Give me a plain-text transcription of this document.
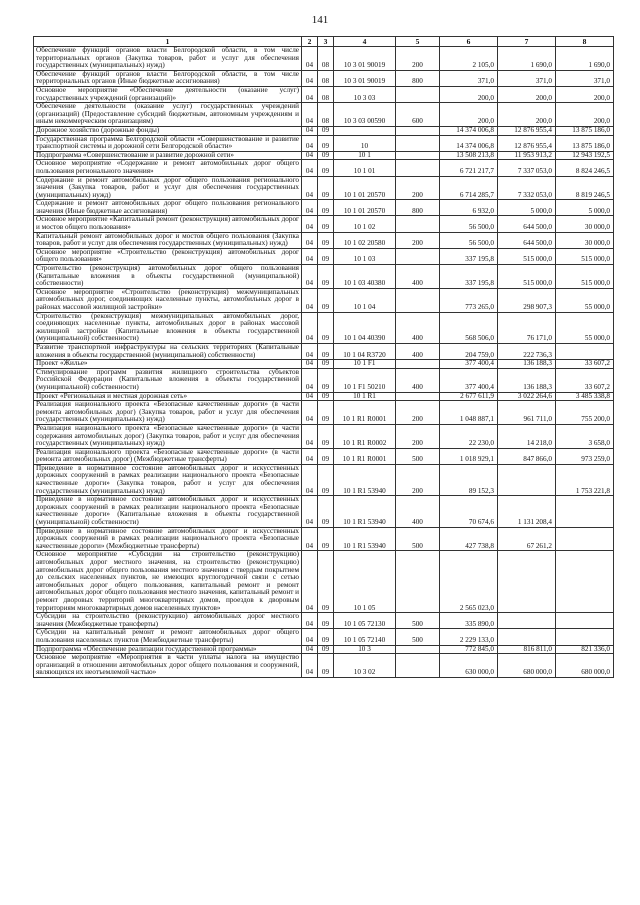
141
1	2	3	4	5	6	7	8
Обеспечение функций органов власти Белгородской области, в том числе территориальных органов (Закупка товаров, работ и услуг для обеспечения государственных (муниципальных) нужд)	04	08	10 3 01 90019	200	2 105,0	1 690,0	1 690,0
Обеспечение функций органов власти Белгородской области, в том числе территориальных органов (Иные бюджетные ассигнования)	04	08	10 3 01 90019	800	371,0	371,0	371,0
Основное мероприятие «Обеспечение деятельности (оказание услуг) государственных учреждений (организаций)»	04	08	10 3 03		200,0	200,0	200,0
Обеспечение деятельности (оказание услуг) государственных учреждений (организаций) (Предоставление субсидий бюджетным, автономным учреждениям и иным некоммерческим организациям)	04	08	10 3 03 00590	600	200,0	200,0	200,0
Дорожное хозяйство (дорожные фонды)	04	09			14 374 006,8	12 876 955,4	13 875 186,0
Государственная программа Белгородской области «Совершенствование и развитие транспортной системы и дорожной сети Белгородской области»	04	09	10		14 374 006,8	12 876 955,4	13 875 186,0
Подпрограмма «Совершенствование и развитие дорожной сети»	04	09	10 1		13 508 213,8	11 953 913,2	12 943 192,5
Основное мероприятие «Содержание и ремонт автомобильных дорог общего пользования регионального значения»	04	09	10 1 01		6 721 217,7	7 337 053,0	8 824 246,5
Содержание и ремонт автомобильных дорог общего пользования регионального значения (Закупка товаров, работ и услуг для обеспечения государственных (муниципальных) нужд)	04	09	10 1 01 20570	200	6 714 285,7	7 332 053,0	8 819 246,5
Содержание и ремонт автомобильных дорог общего пользования регионального значения (Иные бюджетные ассигнования)	04	09	10 1 01 20570	800	6 932,0	5 000,0	5 000,0
Основное мероприятие «Капитальный ремонт (реконструкция) автомобильных дорог и мостов общего пользования»	04	09	10 1 02		56 500,0	644 500,0	30 000,0
Капитальный ремонт автомобильных дорог и мостов общего пользования (Закупка товаров, работ и услуг для обеспечения государственных (муниципальных) нужд)	04	09	10 1 02 20580	200	56 500,0	644 500,0	30 000,0
Основное мероприятие «Строительство (реконструкция) автомобильных дорог общего пользования»	04	09	10 1 03		337 195,8	515 000,0	515 000,0
Строительство (реконструкция) автомобильных дорог общего пользования (Капитальные вложения в объекты государственной (муниципальной) собственности)	04	09	10 1 03 40380	400	337 195,8	515 000,0	515 000,0
Основное мероприятие «Строительство (реконструкция) межмуниципальных автомобильных дорог, соединяющих населенные пункты, автомобильных дорог в районах массовой жилищной застройки»	04	09	10 1 04		773 265,0	298 907,3	55 000,0
Строительство (реконструкция) межмуниципальных автомобильных дорог, соединяющих населенные пункты, автомобильных дорог в районах массовой жилищной застройки (Капитальные вложения в объекты государственной (муниципальной) собственности)	04	09	10 1 04 40390	400	568 506,0	76 171,0	55 000,0
Развитие транспортной инфраструктуры на сельских территориях (Капитальные вложения в объекты государственной (муниципальной) собственности)	04	09	10 1 04 R3720	400	204 759,0	222 736,3	
Проект «Жилье»	04	09	10 1 F1		377 400,4	136 188,3	33 607,2
Стимулирование программ развития жилищного строительства субъектов Российской Федерации (Капитальные вложения в объекты государственной (муниципальной) собственности)	04	09	10 1 F1 50210	400	377 400,4	136 188,3	33 607,2
Проект «Региональная и местная дорожная сеть»	04	09	10 1 R1		2 677 611,9	3 022 264,6	3 485 338,8
Реализация национального проекта «Безопасные качественные дороги» (в части ремонта автомобильных дорог) (Закупка товаров, работ и услуг для обеспечения государственных (муниципальных) нужд)	04	09	10 1 R1 R0001	200	1 048 887,1	961 711,0	755 200,0
Реализация национального проекта «Безопасные качественные дороги» (в части содержания автомобильных дорог) (Закупка товаров, работ и услуг для обеспечения государственных (муниципальных) нужд)	04	09	10 1 R1 R0002	200	22 230,0	14 218,0	3 658,0
Реализация национального проекта «Безопасные качественные дороги» (в части ремонта автомобильных дорог) (Межбюджетные трансферты)	04	09	10 1 R1 R0001	500	1 018 929,1	847 866,0	973 259,0
Приведение в нормативное состояние автомобильных дорог и искусственных дорожных сооружений в рамках реализации национального проекта «Безопасные качественные дороги» (Закупка товаров, работ и услуг для обеспечения государственных (муниципальных) нужд)	04	09	10 1 R1 53940	200	89 152,3		1 753 221,8
Приведение в нормативное состояние автомобильных дорог и искусственных дорожных сооружений в рамках реализации национального проекта «Безопасные качественные дороги» (Капитальные вложения в объекты государственной (муниципальной) собственности)	04	09	10 1 R1 53940	400	70 674,6	1 131 208,4	
Приведение в нормативное состояние автомобильных дорог и искусственных дорожных сооружений в рамках реализации национального проекта «Безопасные качественные дороги» (Межбюджетные трансферты)	04	09	10 1 R1 53940	500	427 738,8	67 261,2	
Основное мероприятие «Субсидии на строительство (реконструкцию) автомобильных дорог местного значения, на строительство (реконструкцию) автомобильных дорог общего пользования местного значения с твердым покрытием до сельских населенных пунктов, не имеющих круглогодичной связи с сетью автомобильных дорог общего пользования, капитальный ремонт и ремонт автомобильных дорог общего пользования местного значения, капитальный ремонт и ремонт дворовых территорий многоквартирных домов, проездов к дворовым территориям многоквартирных домов населенных пунктов»	04	09	10 1 05		2 565 023,0		
Субсидии на строительство (реконструкцию) автомобильных дорог местного значения (Межбюджетные трансферты)	04	09	10 1 05 72130	500	335 890,0		
Субсидии на капитальный ремонт и ремонт автомобильных дорог общего пользования населенных пунктов (Межбюджетные трансферты)	04	09	10 1 05 72140	500	2 229 133,0		
Подпрограмма «Обеспечение реализации государственной программы»	04	09	10 3		772 845,0	816 811,0	821 336,0
Основное мероприятие «Мероприятия в части уплаты налога на имущество организаций в отношении автомобильных дорог общего пользования и сооружений, являющихся их неотъемлемой частью»	04	09	10 3 02		630 000,0	680 000,0	680 000,0
